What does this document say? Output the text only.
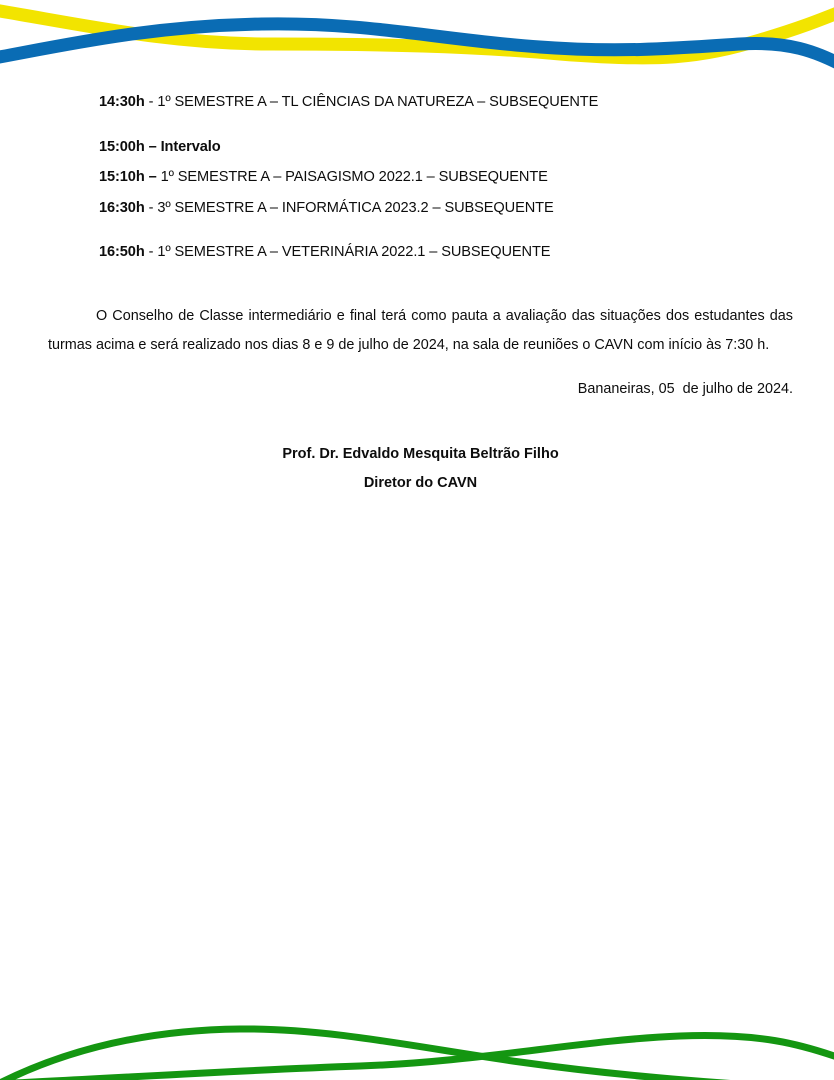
14:30h - 1º SEMESTRE A – TL CIÊNCIAS DA NATUREZA – SUBSEQUENTE
15:00h – Intervalo
15:10h – 1º SEMESTRE A – PAISAGISMO 2022.1 – SUBSEQUENTE
16:30h - 3º SEMESTRE A – INFORMÁTICA 2023.2 – SUBSEQUENTE
16:50h - 1º SEMESTRE A – VETERINÁRIA 2022.1 – SUBSEQUENTE

O Conselho de Classe intermediário e final terá como pauta a avaliação das situações dos estudantes das turmas acima e será realizado nos dias 8 e 9 de julho de 2024, na sala de reuniões o CAVN com início às 7:30 h.

Bananeiras, 05  de julho de 2024.
Prof. Dr. Edvaldo Mesquita Beltrão Filho
Diretor do CAVN
